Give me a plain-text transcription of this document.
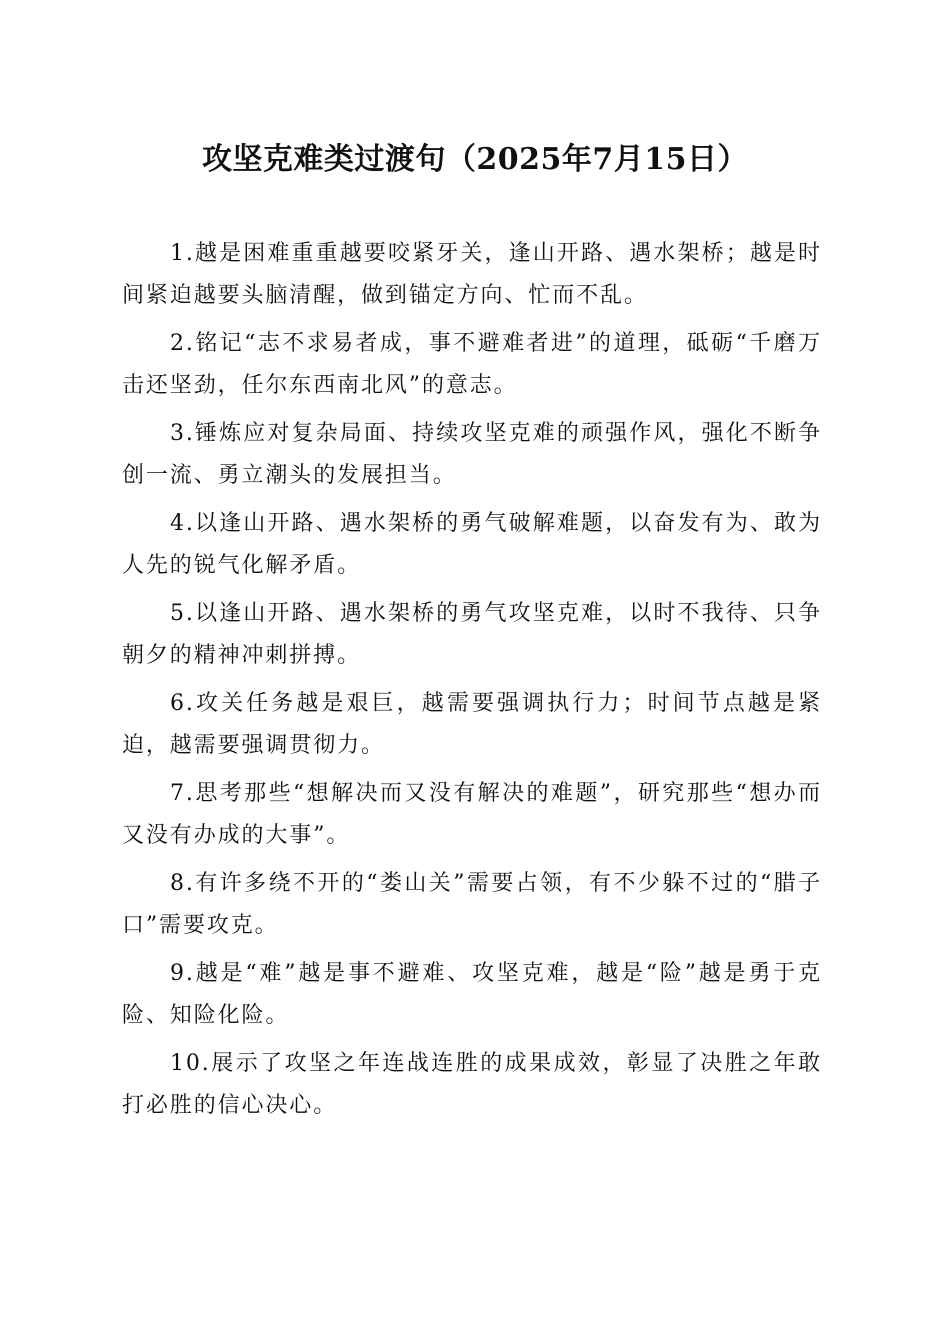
攻坚克难类过渡句（2025年7月15日）

1.越是困难重重越要咬紧牙关，逢山开路、遇水架桥；越是时间紧迫越要头脑清醒，做到锚定方向、忙而不乱。

2.铭记“志不求易者成，事不避难者进”的道理，砥砺“千磨万击还坚劲，任尔东西南北风”的意志。

3.锤炼应对复杂局面、持续攻坚克难的顽强作风，强化不断争创一流、勇立潮头的发展担当。

4.以逢山开路、遇水架桥的勇气破解难题，以奋发有为、敢为人先的锐气化解矛盾。

5.以逢山开路、遇水架桥的勇气攻坚克难，以时不我待、只争朝夕的精神冲刺拼搏。

6.攻关任务越是艰巨，越需要强调执行力；时间节点越是紧迫，越需要强调贯彻力。

7.思考那些“想解决而又没有解决的难题”，研究那些“想办而又没有办成的大事”。

8.有许多绕不开的“娄山关”需要占领，有不少躲不过的“腊子口”需要攻克。

9.越是“难”越是事不避难、攻坚克难，越是“险”越是勇于克险、知险化险。

10.展示了攻坚之年连战连胜的成果成效，彰显了决胜之年敢打必胜的信心决心。
